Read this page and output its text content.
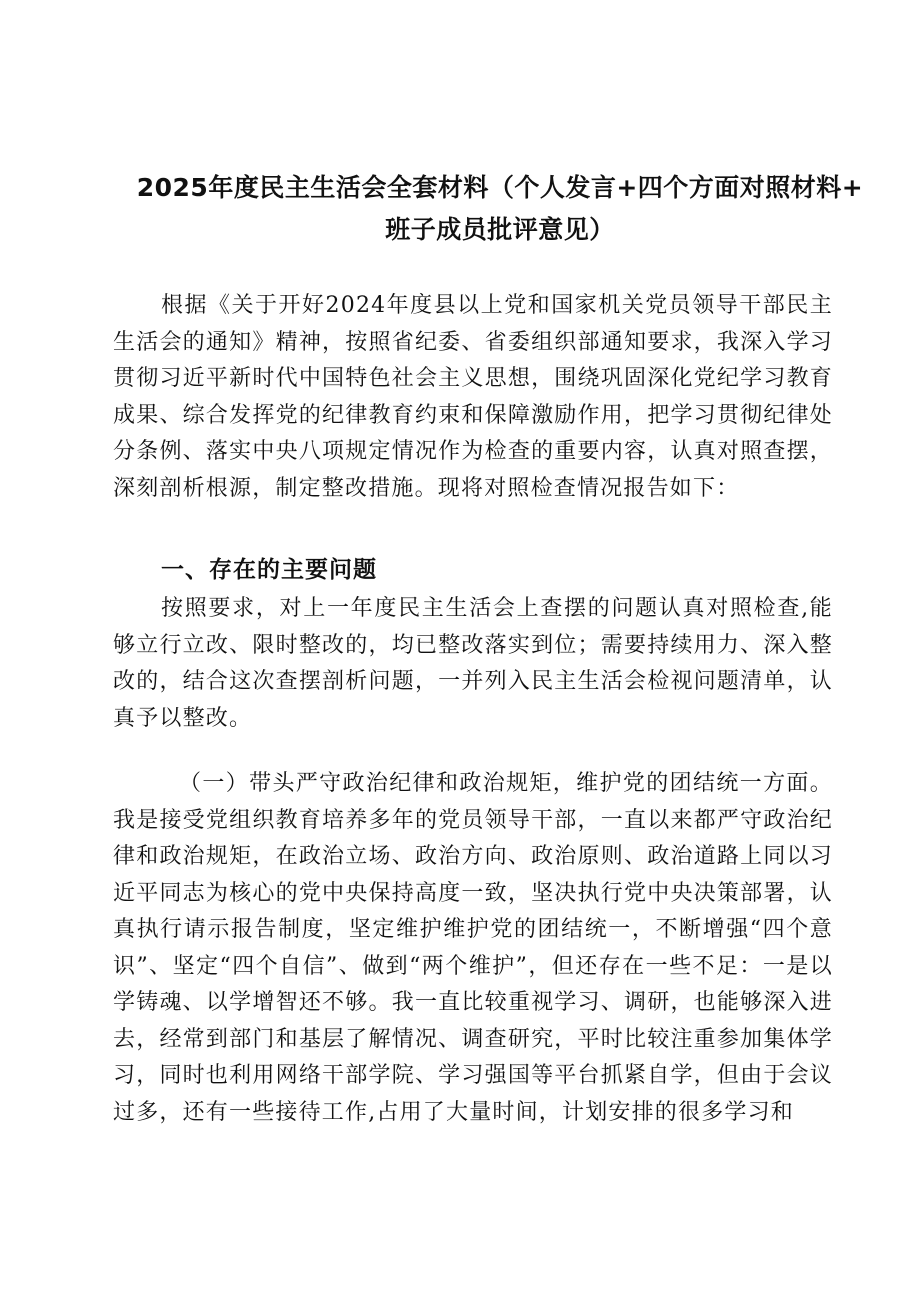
2025年度民主生活会全套材料（个人发言+四个方面对照材料+
班子成员批评意见）

根据《关于开好2024年度县以上党和国家机关党员领导干部民主生活会的通知》精神，按照省纪委、省委组织部通知要求，我深入学习贯彻习近平新时代中国特色社会主义思想，围绕巩固深化党纪学习教育成果、综合发挥党的纪律教育约束和保障激励作用，把学习贯彻纪律处分条例、落实中央八项规定情况作为检查的重要内容，认真对照查摆，深刻剖析根源，制定整改措施。现将对照检查情况报告如下：

一、存在的主要问题

按照要求，对上一年度民主生活会上查摆的问题认真对照检查,能够立行立改、限时整改的，均已整改落实到位；需要持续用力、深入整改的，结合这次查摆剖析问题，一并列入民主生活会检视问题清单，认真予以整改。

（一）带头严守政治纪律和政治规矩，维护党的团结统一方面。我是接受党组织教育培养多年的党员领导干部，一直以来都严守政治纪律和政治规矩，在政治立场、政治方向、政治原则、政治道路上同以习近平同志为核心的党中央保持高度一致，坚决执行党中央决策部署，认真执行请示报告制度，坚定维护维护党的团结统一，不断增强“四个意识”、坚定“四个自信”、做到“两个维护”，但还存在一些不足：一是以学铸魂、以学增智还不够。我一直比较重视学习、调研，也能够深入进去，经常到部门和基层了解情况、调查研究，平时比较注重参加集体学习，同时也利用网络干部学院、学习强国等平台抓紧自学，但由于会议过多，还有一些接待工作,占用了大量时间，计划安排的很多学习和
